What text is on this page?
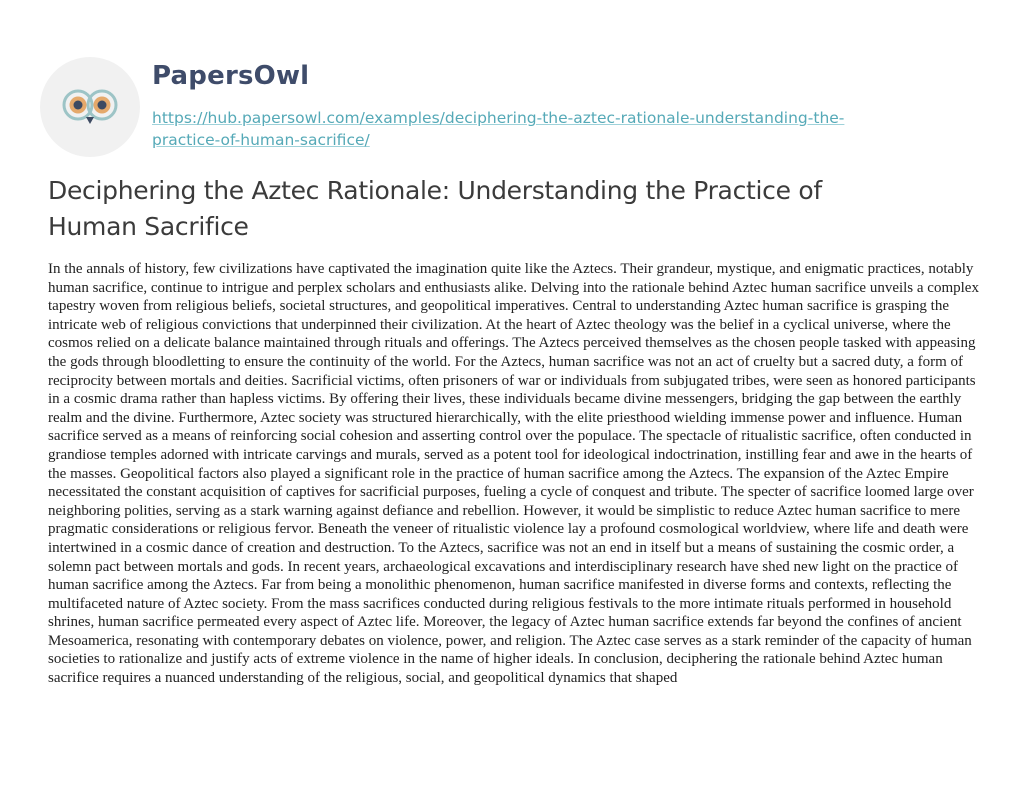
PapersOwl
https://hub.papersowl.com/examples/deciphering-the-aztec-rationale-understanding-the-practice-of-human-sacrifice/
Deciphering the Aztec Rationale: Understanding the Practice of Human Sacrifice

In the annals of history, few civilizations have captivated the imagination quite like the Aztecs. Their grandeur, mystique, and enigmatic practices, notably human sacrifice, continue to intrigue and perplex scholars and enthusiasts alike. Delving into the rationale behind Aztec human sacrifice unveils a complex tapestry woven from religious beliefs, societal structures, and geopolitical imperatives. Central to understanding Aztec human sacrifice is grasping the intricate web of religious convictions that underpinned their civilization. At the heart of Aztec theology was the belief in a cyclical universe, where the cosmos relied on a delicate balance maintained through rituals and offerings. The Aztecs perceived themselves as the chosen people tasked with appeasing the gods through bloodletting to ensure the continuity of the world. For the Aztecs, human sacrifice was not an act of cruelty but a sacred duty, a form of reciprocity between mortals and deities. Sacrificial victims, often prisoners of war or individuals from subjugated tribes, were seen as honored participants in a cosmic drama rather than hapless victims. By offering their lives, these individuals became divine messengers, bridging the gap between the earthly realm and the divine. Furthermore, Aztec society was structured hierarchically, with the elite priesthood wielding immense power and influence. Human sacrifice served as a means of reinforcing social cohesion and asserting control over the populace. The spectacle of ritualistic sacrifice, often conducted in grandiose temples adorned with intricate carvings and murals, served as a potent tool for ideological indoctrination, instilling fear and awe in the hearts of the masses. Geopolitical factors also played a significant role in the practice of human sacrifice among the Aztecs. The expansion of the Aztec Empire necessitated the constant acquisition of captives for sacrificial purposes, fueling a cycle of conquest and tribute. The specter of sacrifice loomed large over neighboring polities, serving as a stark warning against defiance and rebellion. However, it would be simplistic to reduce Aztec human sacrifice to mere pragmatic considerations or religious fervor. Beneath the veneer of ritualistic violence lay a profound cosmological worldview, where life and death were intertwined in a cosmic dance of creation and destruction. To the Aztecs, sacrifice was not an end in itself but a means of sustaining the cosmic order, a solemn pact between mortals and gods. In recent years, archaeological excavations and interdisciplinary research have shed new light on the practice of human sacrifice among the Aztecs. Far from being a monolithic phenomenon, human sacrifice manifested in diverse forms and contexts, reflecting the multifaceted nature of Aztec society. From the mass sacrifices conducted during religious festivals to the more intimate rituals performed in household shrines, human sacrifice permeated every aspect of Aztec life. Moreover, the legacy of Aztec human sacrifice extends far beyond the confines of ancient Mesoamerica, resonating with contemporary debates on violence, power, and religion. The Aztec case serves as a stark reminder of the capacity of human societies to rationalize and justify acts of extreme violence in the name of higher ideals. In conclusion, deciphering the rationale behind Aztec human sacrifice requires a nuanced understanding of the religious, social, and geopolitical dynamics that shaped
